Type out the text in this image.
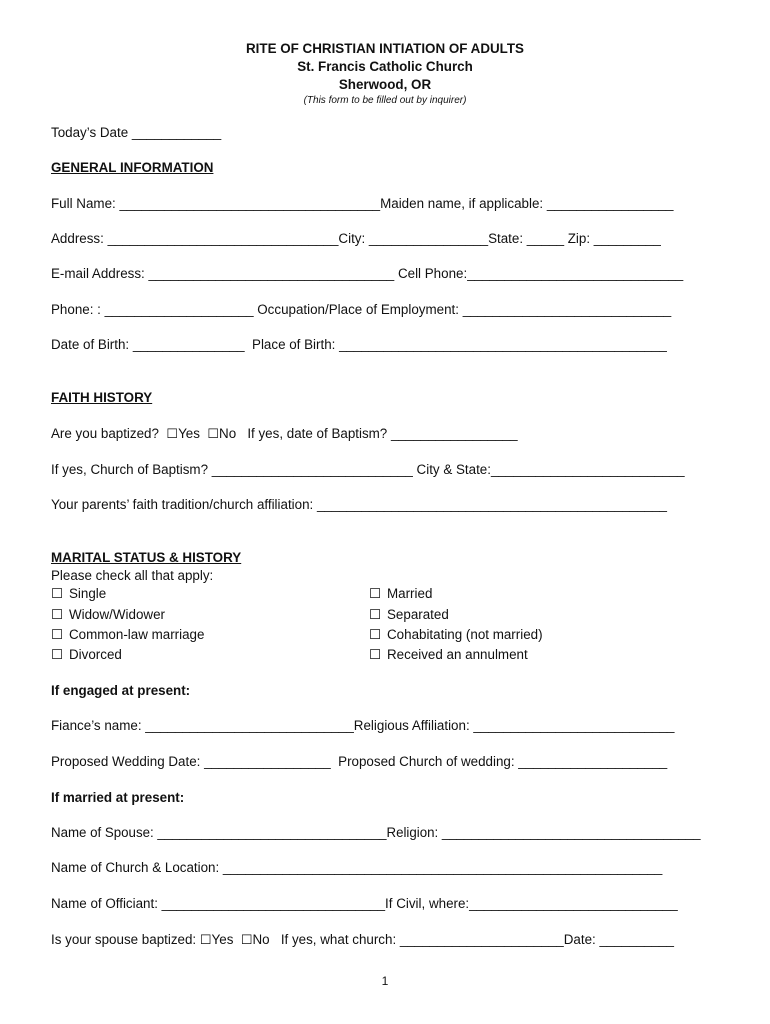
RITE OF CHRISTIAN INTIATION OF ADULTS
St. Francis Catholic Church
Sherwood, OR
(This form to be filled out by inquirer)
Today’s Date ____________
GENERAL INFORMATION
Full Name: ___________________________________Maiden name, if applicable: _________________
Address: _______________________________City: ________________State: _____ Zip: _________
E-mail Address: _________________________________ Cell Phone:_____________________________
Phone: : ____________________ Occupation/Place of Employment: ____________________________
Date of Birth: _______________  Place of Birth: ____________________________________________
FAITH HISTORY
Are you baptized? ☐Yes ☐No If yes, date of Baptism? _________________
If yes, Church of Baptism? ___________________________ City & State:__________________________
Your parents’ faith tradition/church affiliation: _______________________________________________
MARITAL STATUS & HISTORY
Please check all that apply:
☐ Single
☐ Widow/Widower
☐ Common-law marriage
☐ Divorced
☐ Married
☐ Separated
☐ Cohabitating (not married)
☐ Received an annulment
If engaged at present:
Fiance’s name: ____________________________Religious Affiliation: ___________________________
Proposed Wedding Date: _________________  Proposed Church of wedding: ____________________
If married at present:
Name of Spouse: _______________________________Religion: ___________________________________
Name of Church & Location: ___________________________________________________________
Name of Officiant: ______________________________If Civil, where:____________________________
Is your spouse baptized: ☐Yes ☐No If yes, what church: ______________________Date: __________
1
